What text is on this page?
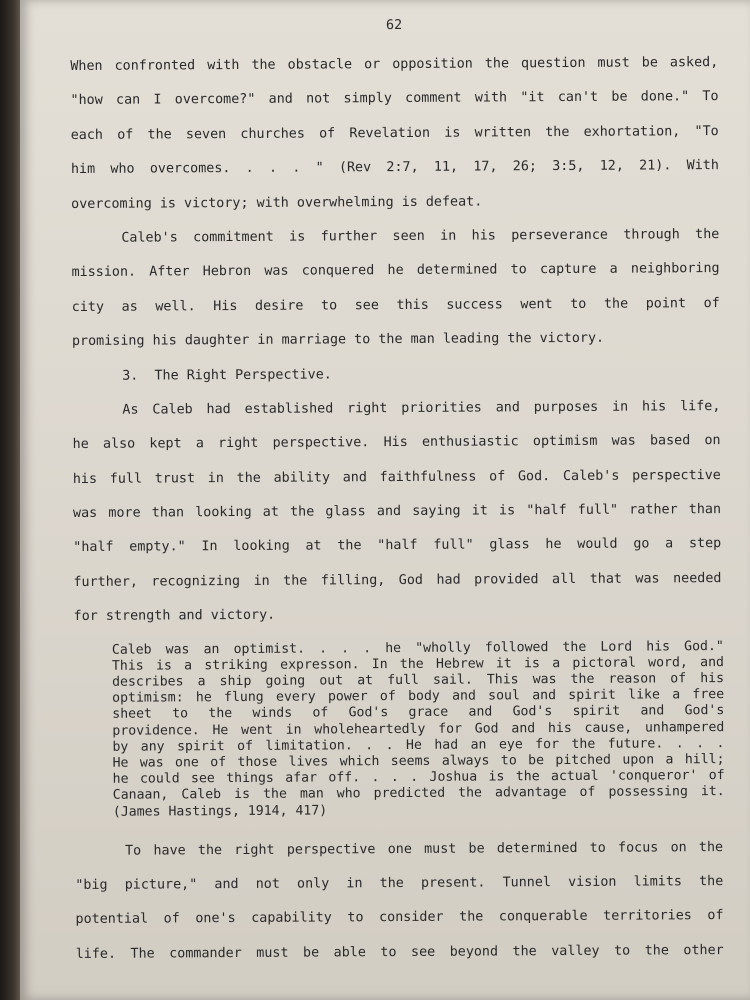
62
When confronted with the obstacle or opposition the question must be asked,
"how can I overcome?" and not simply comment with "it can't be done." To
each of the seven churches of Revelation is written the exhortation, "To
him who overcomes. . . . " (Rev 2:7, 11, 17, 26; 3:5, 12, 21). With
overcoming is victory; with overwhelming is defeat.
Caleb's commitment is further seen in his perseverance through the
mission. After Hebron was conquered he determined to capture a neighboring
city as well. His desire to see this success went to the point of
promising his daughter in marriage to the man leading the victory.
3.  The Right Perspective.
As Caleb had established right priorities and purposes in his life,
he also kept a right perspective. His enthusiastic optimism was based on
his full trust in the ability and faithfulness of God. Caleb's perspective
was more than looking at the glass and saying it is "half full" rather than
"half empty." In looking at the "half full" glass he would go a step
further, recognizing in the filling, God had provided all that was needed
for strength and victory.
Caleb was an optimist. . . . he "wholly followed the Lord his God."
This is a striking expresson. In the Hebrew it is a pictoral word, and
describes a ship going out at full sail. This was the reason of his
optimism: he flung every power of body and soul and spirit like a free
sheet to the winds of God's grace and God's spirit and God's
providence. He went in wholeheartedly for God and his cause, unhampered
by any spirit of limitation. . . He had an eye for the future. . . .
He was one of those lives which seems always to be pitched upon a hill;
he could see things afar off. . . . Joshua is the actual 'conqueror' of
Canaan, Caleb is the man who predicted the advantage of possessing it.
(James Hastings, 1914, 417)
To have the right perspective one must be determined to focus on the
"big picture," and not only in the present. Tunnel vision limits the
potential of one's capability to consider the conquerable territories of
life. The commander must be able to see beyond the valley to the other
